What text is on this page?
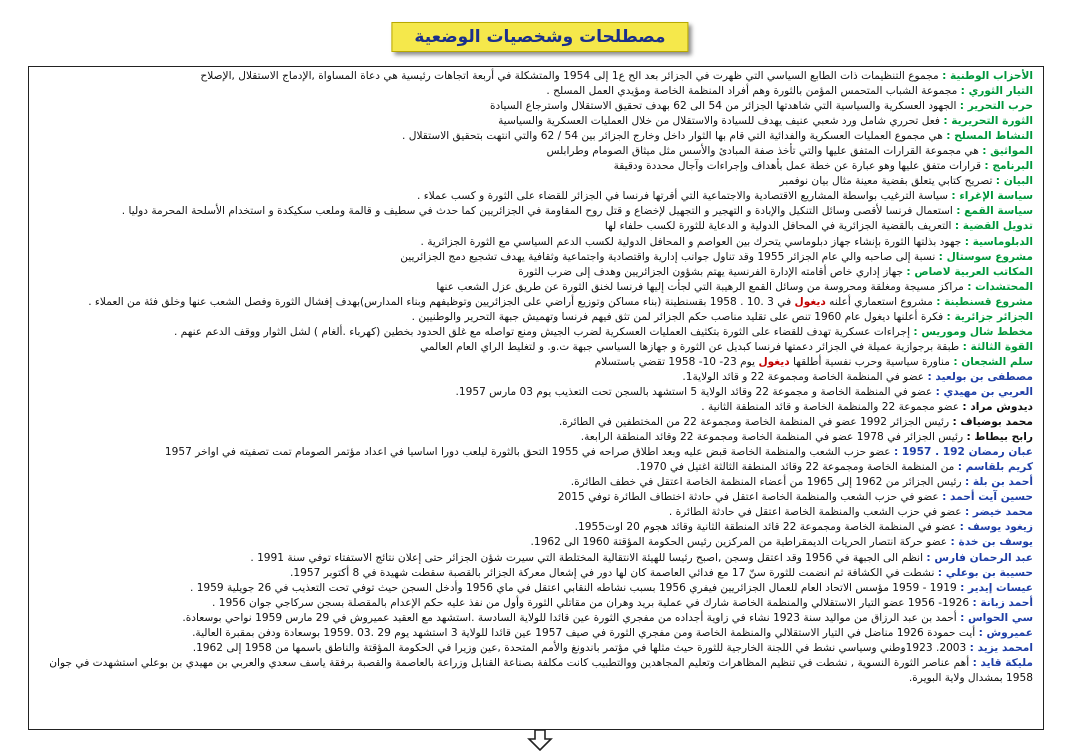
مصطلحات وشخصيات الوضعية

الأحزاب الوطنية : مجموع التنظيمات ذات الطابع السياسي التي ظهرت في الجزائر بعد الح ع1 إلى 1954 والمتشكلة في أربعة اتجاهات رئيسية هي دعاة المساواة ,الإدماج الاستقلال ,الإصلاح

التيار الثوري : مجموعة الشباب المتحمس المؤمن بالثورة وهم أفراد المنظمة الخاصة ومؤيدي العمل المسلح .

حرب التحرير : الجهود العسكرية والسياسية التي شاهدتها الجزائر من 54 الى 62 بهدف تحقيق الاستقلال واسترجاع السيادة

الثورة التحريرية : فعل تحرري شامل ورد شعبي عنيف يهدف للسيادة والاستقلال من خلال العمليات العسكرية والسياسية

النشاط المسلح : هي مجموع العمليات العسكرية والفدائية التي قام بها الثوار داخل وخارج الجزائر بين 54 / 62 والتي انتهت بتحقيق الاستقلال .

المواثيق : هي مجموعة القرارات المتفق عليها والتي تأخذ صفة المبادئ والأسس مثل ميثاق الصومام وطرابلس

البرنامج : قرارات متفق عليها وهو عبارة عن خطة عمل بأهداف وإجراءات وآجال محددة ودقيقة

البيان : تصريح كتابي يتعلق بقضية معينة مثال بيان نوفمبر

سياسة الإغراء : سياسة الترغيب بواسطة المشاريع الاقتصادية والاجتماعية التي أقرتها فرنسا في الجزائر للقضاء على الثورة و كسب عملاء .

سياسة القمع : استعمال فرنسا لأقصى وسائل التنكيل والإبادة و التهجير و التجهيل لإخضاع و قتل روح المقاومة في الجزائريين كما حدث في سطيف و قالمة وملعب سكيكدة و استخدام الأسلحة المحرمة دوليا .

تدويل القضية : التعريف بالقضية الجزائرية في المحافل الدولية و الدعاية للثورة لكسب حلفاء لها

الدبلوماسية : جهود بذلتها الثورة بإنشاء جهاز دبلوماسي يتحرك بين العواصم و المحافل الدولية لكسب الدعم السياسي مع الثورة الجزائرية .

مشروع سوستال : نسبة إلى صاحبه والي عام الجزائر 1955 وقد تناول جوانب إدارية واقتصادية واجتماعية وثقافية يهدف تشجيع دمج الجزائريين

المكاتب العربية لاصاص : جهاز إداري خاص أقامته الإدارة الفرنسية يهتم بشؤون الجزائريين وهدف إلى ضرب الثورة

المحتشدات : مراكز مسيجة ومغلقة ومحروسة من وسائل القمع الرهيبة التي لجأت إليها فرنسا لخنق الثورة عن طريق عزل الشعب عنها

مشروع قسنطينة : مشروع استعماري أعلنه ديغول في 3 .10 . 1958 بقسنطينة (بناء مساكن وتوزيع أراضي على الجزائريين وتوظيفهم وبناء المدارس)بهدف إفشال الثورة وفصل الشعب عنها وخلق فئة من العملاء .

الجزائر جزائرية : فكرة أعلنها ديغول عام 1960 تنص على تقليد مناصب حكم الجزائر لمن تثق فيهم فرنسا وتهميش جبهة التحرير والوطنيين .

مخطط شال وموريس : إجراءات عسكرية تهدف للقضاء على الثورة بتكثيف العمليات العسكرية لضرب الجيش ومنع تواصله مع غلق الحدود بخطين (كهرباء .ألغام ) لشل الثوار ووقف الدعم عنهم .

القوة الثالثة : طبقة برجوازية عميلة في الجزائر دعمتها فرنسا كبديل عن الثورة و جهازها السياسي جبهة ت.و. و لتغليط الراي العام العالمي

سلم الشجعان : مناورة سياسية وحرب نفسية أطلقها ديغول يوم 23- 10- 1958 تقضي باستسلام

مصطفى بن بولعيد : عضو في المنظمة الخاصة ومجموعة 22 و قائد الولاية1.

العربي بن مهيدي : عضو في المنظمة الخاصة و مجموعة 22 وقائد الولاية 5 استشهد بالسجن تحت التعذيب يوم 03 مارس 1957.

ديدوش مراد : عضو مجموعة 22 والمنظمة الخاصة و قائد المنطقة الثانية .

محمد بوضياف : رئيس الجزائر 1992 عضو في المنظمة الخاصة ومجموعة 22 من المختطفين في الطائرة.

رابح بيطاط : رئيس الجزائر في 1978 عضو في المنظمة الخاصة ومجموعة 22 وقائد المنطقة الرابعة.

عبان رمضان 192 . 1957 : عضو حزب الشعب والمنظمة الخاصة قبض عليه وبعد اطلاق صراحه في 1955 التحق بالثورة ليلعب دورا اساسيا في اعداد مؤتمر الصومام تمت تصفيته في اواخر 1957

كريم بلقاسم : من المنظمة الخاصة ومجموعة 22 وقائد المنطقة الثالثة اغتيل في 1970.

أحمد بن بلة : رئيس الجزائر من 1962 إلى 1965 من أعضاء المنظمة الخاصة اعتقل في خطف الطائرة.

حسين آيت أحمد : عضو في حزب الشعب والمنظمة الخاصة اعتقل في حادثة اختطاف الطائرة توفي 2015

محمد خيضر : عضو في حزب الشعب والمنظمة الخاصة اعتقل في حادثة الطائرة .

زيغود يوسف : عضو في المنظمة الخاصة ومجموعة 22 قائد المنطقة الثانية وقائد هجوم 20 اوت1955.

يوسف بن خدة : عضو حركة انتصار الحريات الديمقراطية من المركزين رئيس الحكومة المؤقتة 1960 الى 1962.

عبد الرحمان فارس : انظم الى الجبهة في 1956 وقد اعتقل وسجن ,اصبح رئيسا للهيئة الانتقالية المختلطة التي سيرت شؤن الجزائر حتى إعلان نتائج الاستفتاء توفي سنة 1991 .

حسيبة بن بوعلي : نشطت في الكشافة ثم انضمت للثورة سنّ 17 مع فدائي العاصمة كان لها دور في إشعال معركة الجزائر بالقصبة سقطت شهيدة في 8 أكتوبر 1957.

عيسات إيدير : 1919 - 1959 مؤسس الاتحاد العام للعمال الجزائريين فيفري 1956 بسبب نشاطه النقابي اعتقل في ماي 1956 وأدخل السجن حيث توفي تحت التعذيب في 26 جويلية 1959 .

أحمد زبانة : 1926- 1956 عضو التيار الاستقلالي والمنظمة الخاصة شارك في عملية بريد وهران من مقاتلي الثورة وأول من نفذ عليه حكم الإعدام بالمقصلة بسجن سركاجي جوان 1956 .

سي الحواس : أحمد بن عبد الرزاق من مواليد سنة 1923 نشاء في زاوية أجداده من مفجري الثورة عين قائدا للولاية السادسة .استشهد مع العقيد عميروش في 29 مارس 1959 نواحي بوسعادة.

عميروش : أيت حمودة 1926 مناضل في التيار الاستقلالي والمنظمة الخاصة ومن مفجري الثورة في صيف 1957 عين قائدا للولاية 3 استشهد يوم 29 .03 .1959 بوسعادة ودفن بمقبرة العالية.

امحمد يزيد : 2003. 1923وطني وسياسي نشط في اللجنة الخارجية للثورة حيث مثلها في مؤتمر باندونغ والأمم المتحدة ,عين وزيرا في الحكومة المؤقتة والناطق باسمها من 1958 إلى 1962.

مليكة قايد : أهم عناصر الثورة النسوية , نشطت في تنظيم المظاهرات وتعليم المجاهدين ووالتطبيب كانت مكلفة بصناعة القنابل وزراعة بالعاصمة والقصبة برفقة ياسف سعدي والعربي بن مهيدي بن بوعلي استشهدت في جوان 1958 بمشدال ولاية البويرة.
